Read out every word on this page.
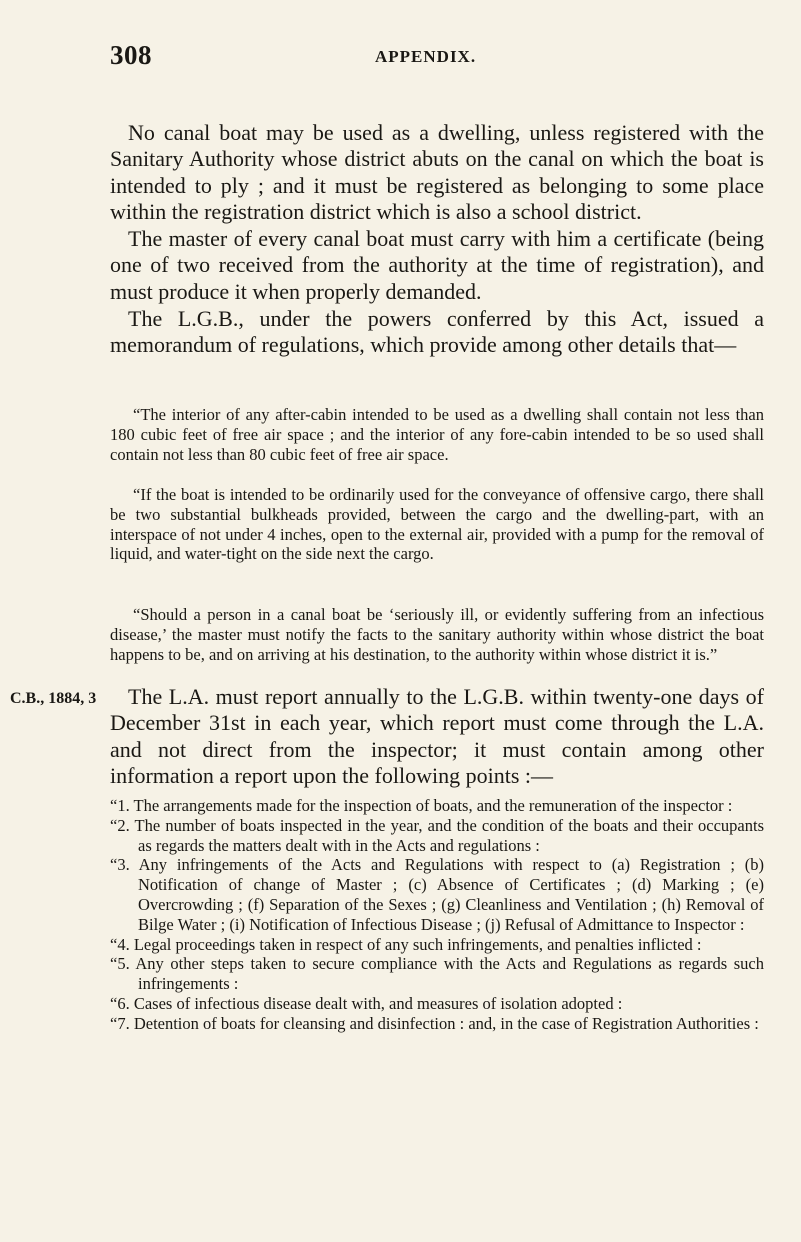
308	APPENDIX.

No canal boat may be used as a dwelling, unless registered with the Sanitary Authority whose district abuts on the canal on which the boat is intended to ply ; and it must be registered as belonging to some place within the registration district which is also a school district.

The master of every canal boat must carry with him a certificate (being one of two received from the authority at the time of registration), and must produce it when properly demanded.

The L.G.B., under the powers conferred by this Act, issued a memorandum of regulations, which provide among other details that—

“The interior of any after-cabin intended to be used as a dwelling shall contain not less than 180 cubic feet of free air space ; and the interior of any fore-cabin intended to be so used shall contain not less than 80 cubic feet of free air space.

“If the boat is intended to be ordinarily used for the conveyance of offensive cargo, there shall be two substantial bulkheads provided, between the cargo and the dwelling-part, with an interspace of not under 4 inches, open to the external air, provided with a pump for the removal of liquid, and water-tight on the side next the cargo.

“Should a person in a canal boat be ‘seriously ill, or evidently suffering from an infectious disease,’ the master must notify the facts to the sanitary authority within whose district the boat happens to be, and on arriving at his destination, to the authority within whose district it is.”

C.B., 1884, 3	The L.A. must report annually to the L.G.B. within twenty-one days of December 31st in each year, which report must come through the L.A. and not direct from the inspector; it must contain among other information a report upon the following points :—

“1. The arrangements made for the inspection of boats, and the remuneration of the inspector :
“2. The number of boats inspected in the year, and the condition of the boats and their occupants as regards the matters dealt with in the Acts and regulations :
“3. Any infringements of the Acts and Regulations with respect to (a) Registration ; (b) Notification of change of Master ; (c) Absence of Certificates ; (d) Marking ; (e) Overcrowding ; (f) Separation of the Sexes ; (g) Cleanliness and Ventilation ; (h) Removal of Bilge Water ; (i) Notification of Infectious Disease ; (j) Refusal of Admittance to Inspector :
“4. Legal proceedings taken in respect of any such infringements, and penalties inflicted :
“5. Any other steps taken to secure compliance with the Acts and Regulations as regards such infringements :
“6. Cases of infectious disease dealt with, and measures of isolation adopted :
“7. Detention of boats for cleansing and disinfection : and, in the case of Registration Authorities :
